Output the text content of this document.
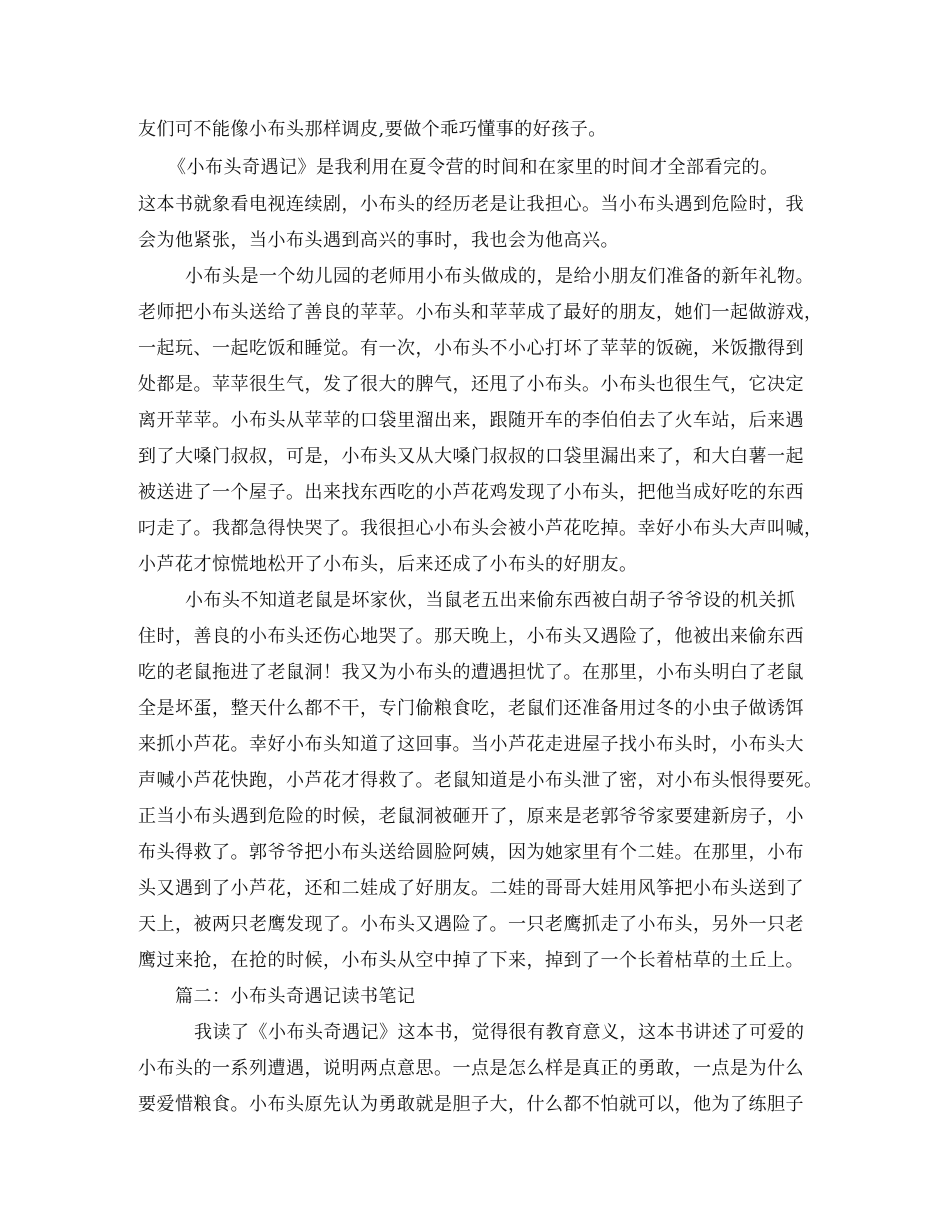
友们可不能像小布头那样调皮,要做个乖巧懂事的好孩子。
《小布头奇遇记》是我利用在夏令营的时间和在家里的时间才全部看完的。
这本书就象看电视连续剧，小布头的经历老是让我担心。当小布头遇到危险时，我
会为他紧张，当小布头遇到高兴的事时，我也会为他高兴。
小布头是一个幼儿园的老师用小布头做成的，是给小朋友们准备的新年礼物。
老师把小布头送给了善良的苹苹。小布头和苹苹成了最好的朋友，她们一起做游戏，
一起玩、一起吃饭和睡觉。有一次，小布头不小心打坏了苹苹的饭碗，米饭撒得到
处都是。苹苹很生气，发了很大的脾气，还甩了小布头。小布头也很生气，它决定
离开苹苹。小布头从苹苹的口袋里溜出来，跟随开车的李伯伯去了火车站，后来遇
到了大嗓门叔叔，可是，小布头又从大嗓门叔叔的口袋里漏出来了，和大白薯一起
被送进了一个屋子。出来找东西吃的小芦花鸡发现了小布头，把他当成好吃的东西
叼走了。我都急得快哭了。我很担心小布头会被小芦花吃掉。幸好小布头大声叫喊，
小芦花才惊慌地松开了小布头，后来还成了小布头的好朋友。
小布头不知道老鼠是坏家伙，当鼠老五出来偷东西被白胡子爷爷设的机关抓
住时，善良的小布头还伤心地哭了。那天晚上，小布头又遇险了，他被出来偷东西
吃的老鼠拖进了老鼠洞！我又为小布头的遭遇担忧了。在那里，小布头明白了老鼠
全是坏蛋，整天什么都不干，专门偷粮食吃，老鼠们还准备用过冬的小虫子做诱饵
来抓小芦花。幸好小布头知道了这回事。当小芦花走进屋子找小布头时，小布头大
声喊小芦花快跑，小芦花才得救了。老鼠知道是小布头泄了密，对小布头恨得要死。
正当小布头遇到危险的时候，老鼠洞被砸开了，原来是老郭爷爷家要建新房子，小
布头得救了。郭爷爷把小布头送给圆脸阿姨，因为她家里有个二娃。在那里，小布
头又遇到了小芦花，还和二娃成了好朋友。二娃的哥哥大娃用风筝把小布头送到了
天上，被两只老鹰发现了。小布头又遇险了。一只老鹰抓走了小布头，另外一只老
鹰过来抢，在抢的时候，小布头从空中掉了下来，掉到了一个长着枯草的土丘上。
篇二：小布头奇遇记读书笔记
我读了《小布头奇遇记》这本书，觉得很有教育意义，这本书讲述了可爱的
小布头的一系列遭遇，说明两点意思。一点是怎么样是真正的勇敢，一点是为什么
要爱惜粮食。小布头原先认为勇敢就是胆子大，什么都不怕就可以，他为了练胆子
